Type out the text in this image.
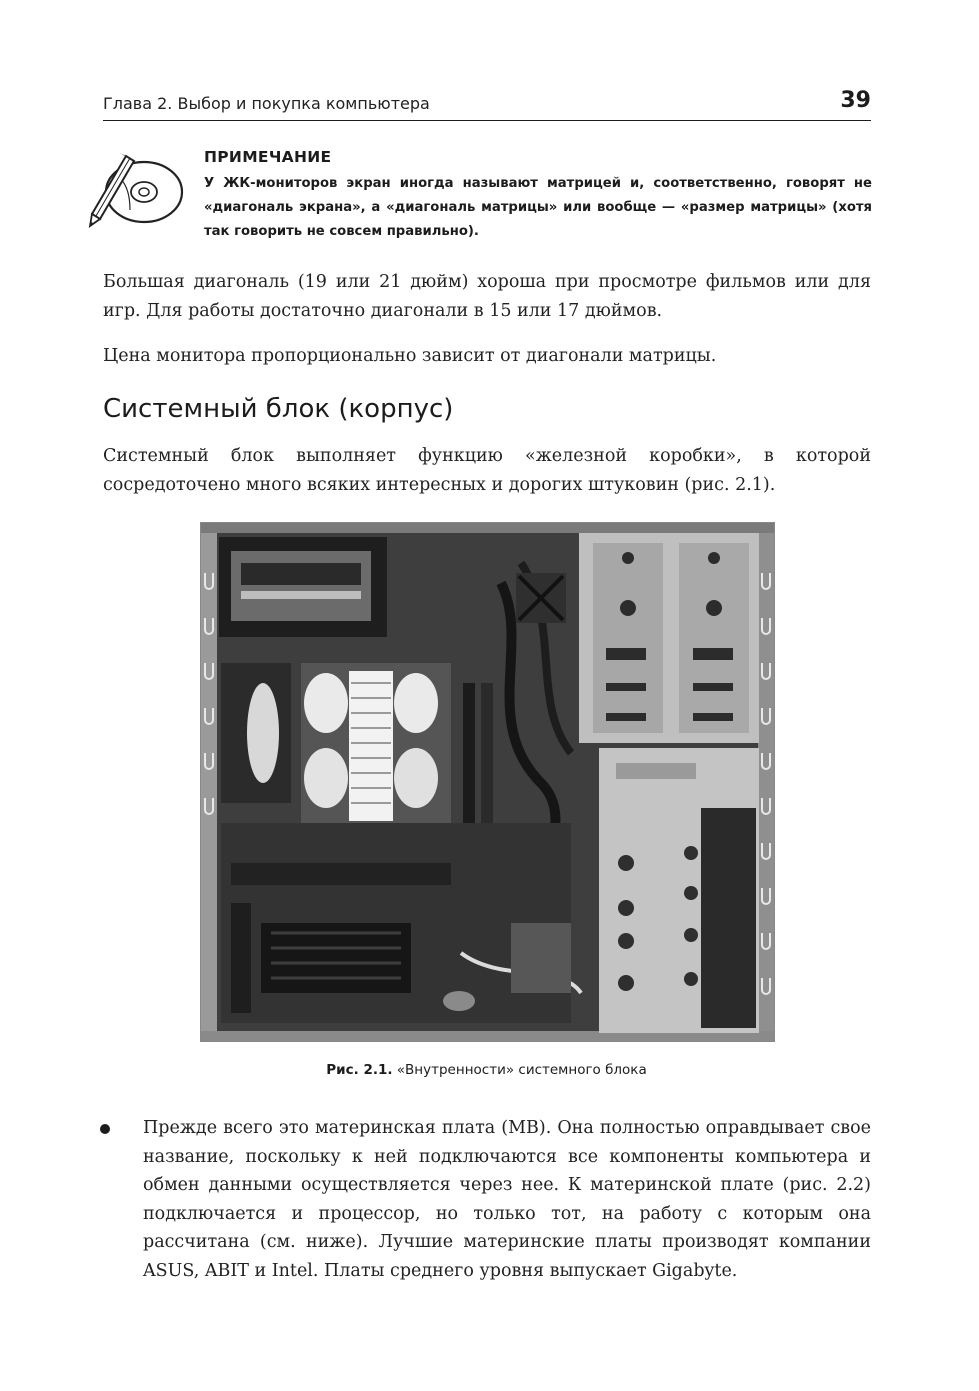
Глава 2. Выбор и покупка компьютера	39
ПРИМЕЧАНИЕ
У ЖК-мониторов экран иногда называют матрицей и, соответственно, говорят не «диагональ экрана», а «диагональ матрицы» или вообще — «размер матрицы» (хотя так говорить не совсем правильно).
Большая диагональ (19 или 21 дюйм) хороша при просмотре фильмов или для игр. Для работы достаточно диагонали в 15 или 17 дюймов.
Цена монитора пропорционально зависит от диагонали матрицы.
Системный блок (корпус)
Системный блок выполняет функцию «железной коробки», в которой сосредоточено много всяких интересных и дорогих штуковин (рис. 2.1).
Рис. 2.1. «Внутренности» системного блока
Прежде всего это материнская плата (MB). Она полностью оправдывает свое название, поскольку к ней подключаются все компоненты компьютера и обмен данными осуществляется через нее. К материнской плате (рис. 2.2) подключается и процессор, но только тот, на работу с которым она рассчитана (см. ниже). Лучшие материнские платы производят компании ASUS, ABIT и Intel. Платы среднего уровня выпускает Gigabyte.
